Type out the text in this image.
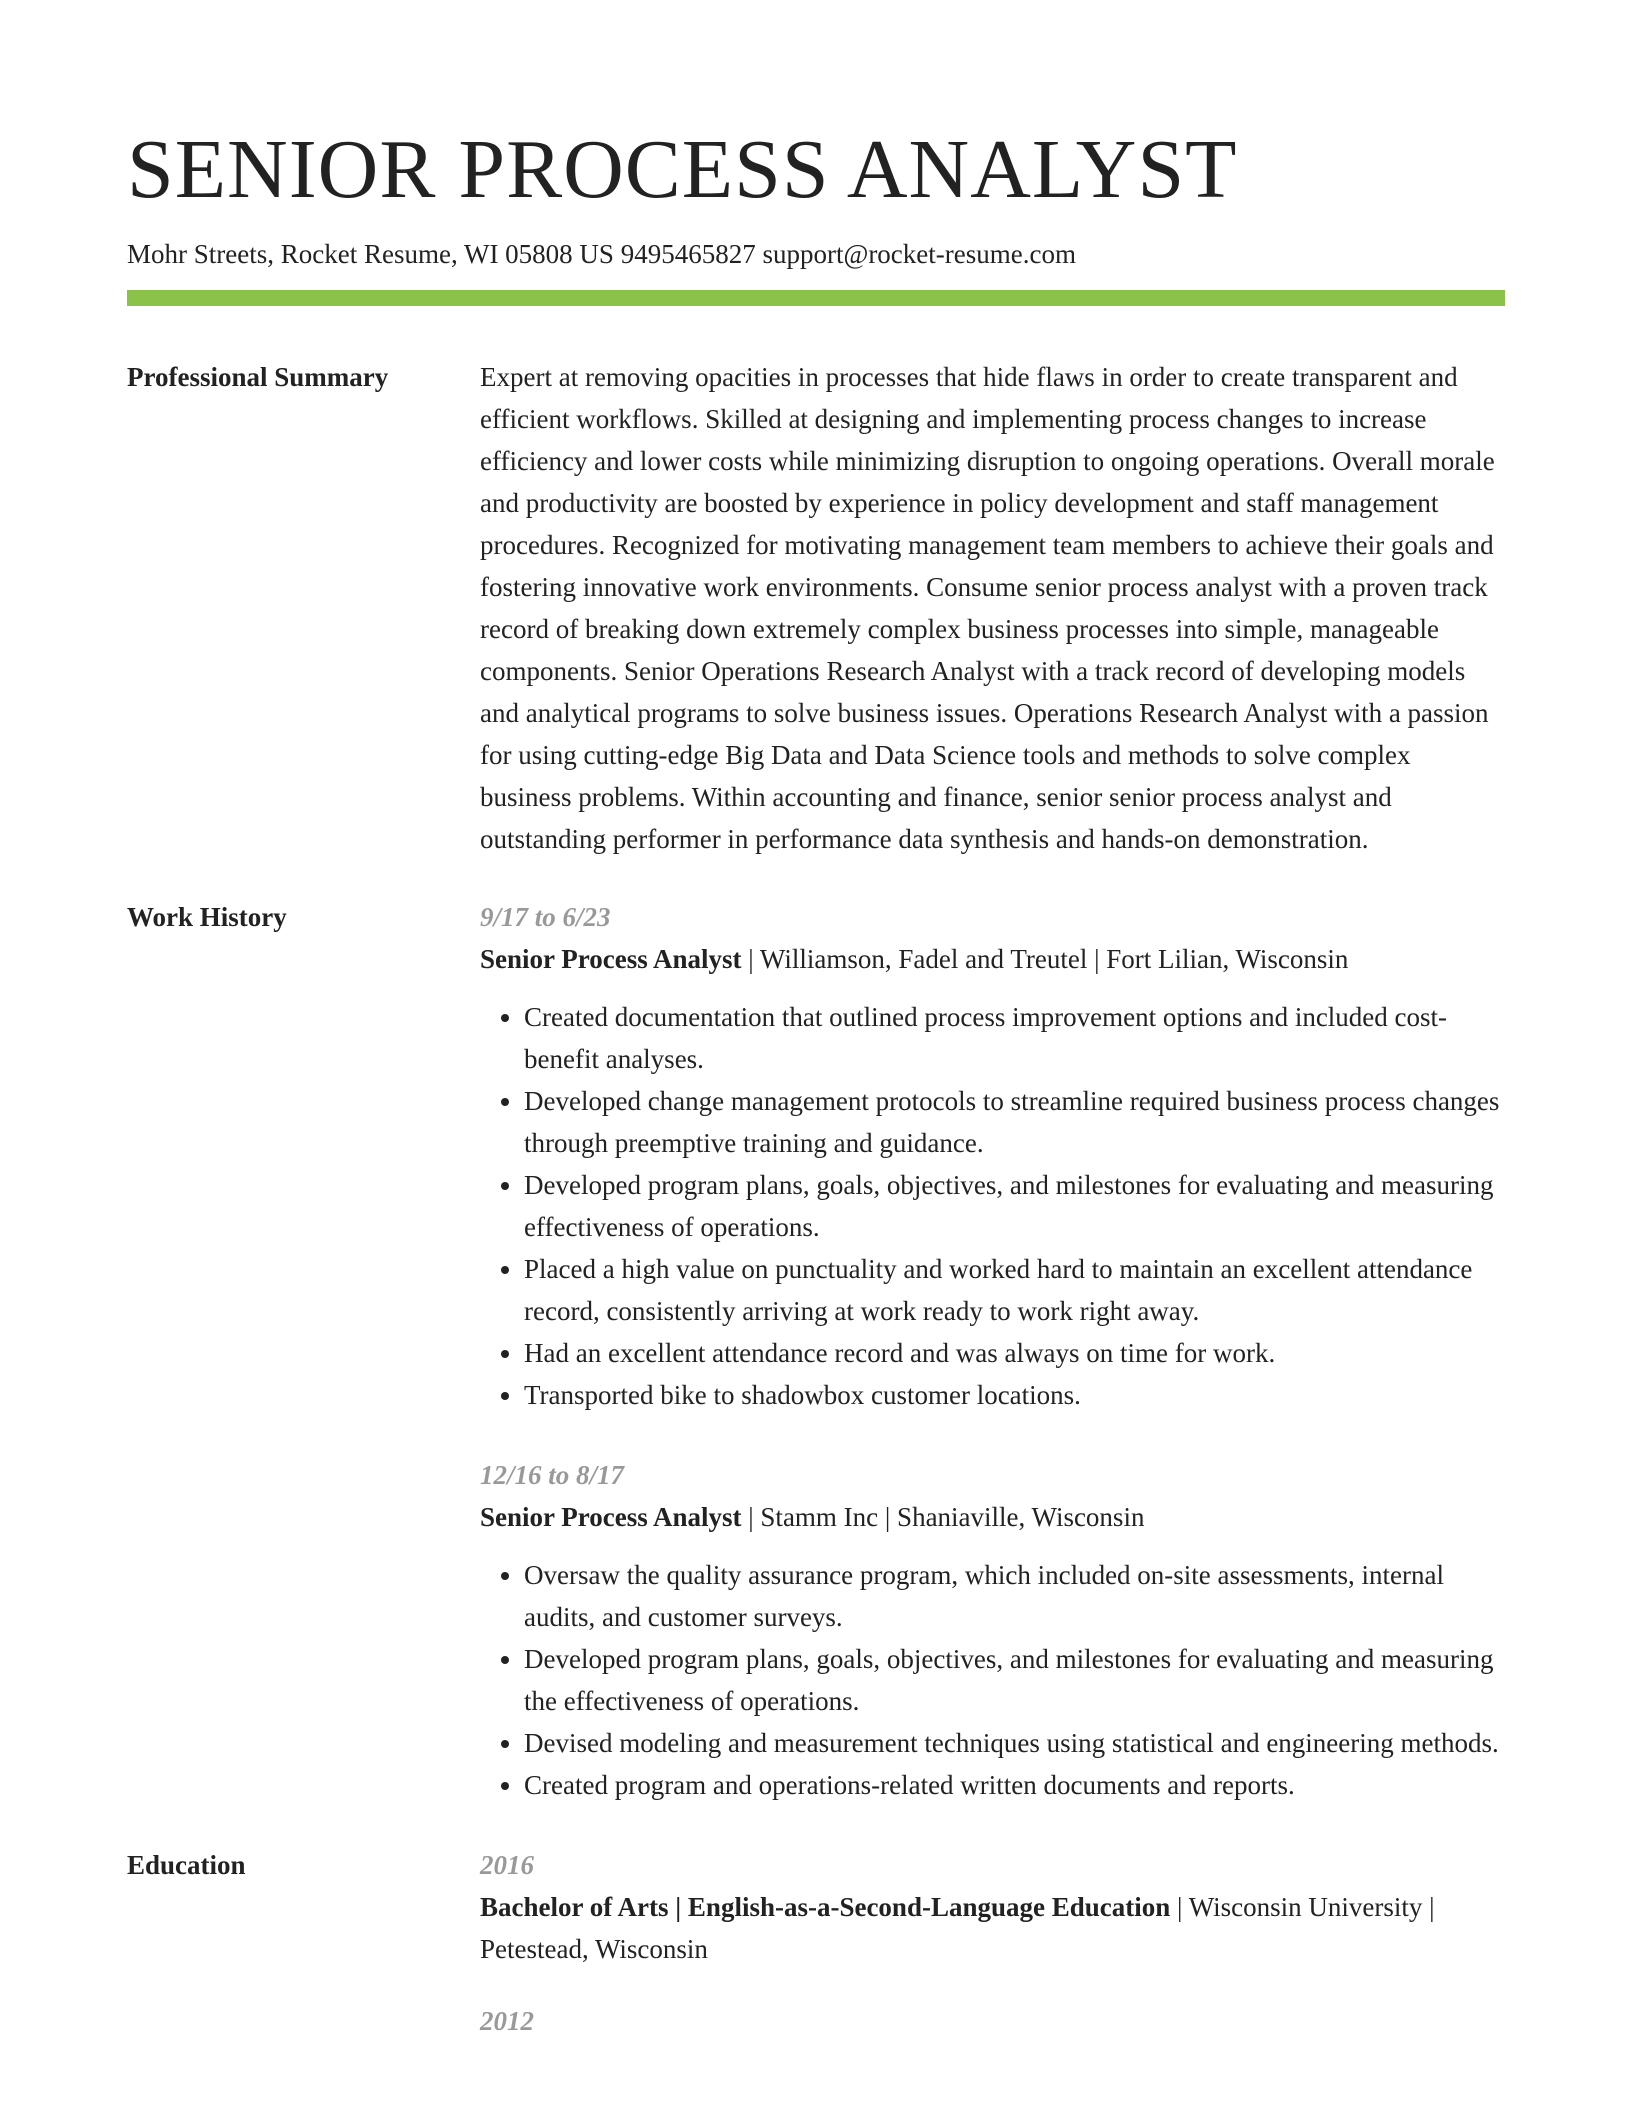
SENIOR PROCESS ANALYST
Mohr Streets, Rocket Resume, WI 05808 US 9495465827 support@rocket-resume.com
Professional Summary	Expert at removing opacities in processes that hide flaws in order to create transparent and efficient workflows. Skilled at designing and implementing process changes to increase efficiency and lower costs while minimizing disruption to ongoing operations. Overall morale and productivity are boosted by experience in policy development and staff management procedures. Recognized for motivating management team members to achieve their goals and fostering innovative work environments. Consume senior process analyst with a proven track record of breaking down extremely complex business processes into simple, manageable components. Senior Operations Research Analyst with a track record of developing models and analytical programs to solve business issues. Operations Research Analyst with a passion for using cutting-edge Big Data and Data Science tools and methods to solve complex business problems. Within accounting and finance, senior senior process analyst and outstanding performer in performance data synthesis and hands-on demonstration.

Work History	9/17 to 6/23
Senior Process Analyst | Williamson, Fadel and Treutel | Fort Lilian, Wisconsin
• Created documentation that outlined process improvement options and included cost-benefit analyses.
• Developed change management protocols to streamline required business process changes through preemptive training and guidance.
• Developed program plans, goals, objectives, and milestones for evaluating and measuring effectiveness of operations.
• Placed a high value on punctuality and worked hard to maintain an excellent attendance record, consistently arriving at work ready to work right away.
• Had an excellent attendance record and was always on time for work.
• Transported bike to shadowbox customer locations.
12/16 to 8/17
Senior Process Analyst | Stamm Inc | Shaniaville, Wisconsin
• Oversaw the quality assurance program, which included on-site assessments, internal audits, and customer surveys.
• Developed program plans, goals, objectives, and milestones for evaluating and measuring the effectiveness of operations.
• Devised modeling and measurement techniques using statistical and engineering methods.
• Created program and operations-related written documents and reports.
Education	2016
Bachelor of Arts | English-as-a-Second-Language Education | Wisconsin University | Petestead, Wisconsin
2012
